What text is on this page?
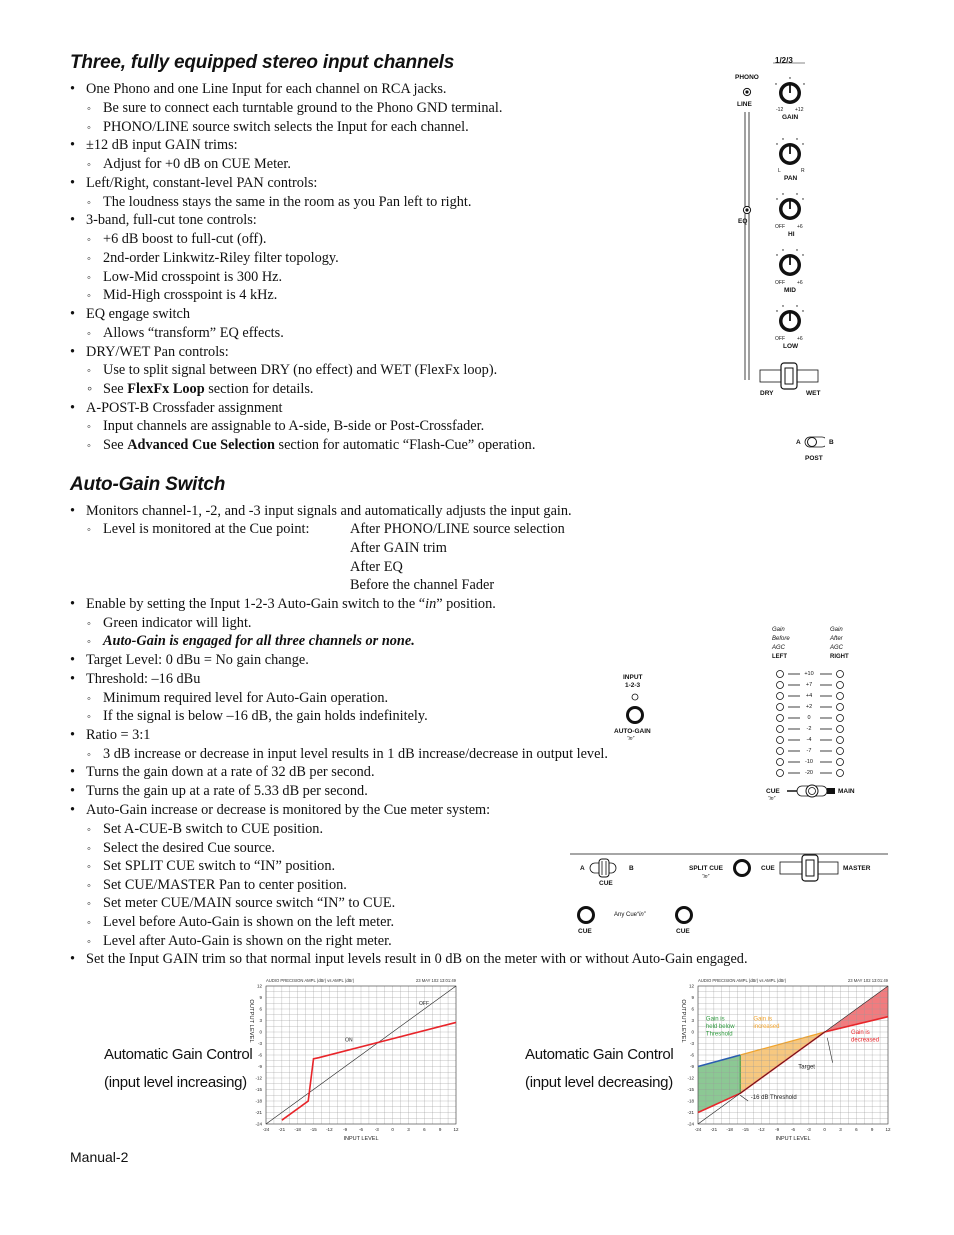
Three, fully equipped stereo input channels
• One Phono and one Line Input for each channel on RCA jacks.
◦ Be sure to connect each turntable ground to the Phono GND terminal.
◦ PHONO/LINE source switch selects the Input for each channel.
• ±12 dB input GAIN trims:
◦ Adjust for +0 dB on CUE Meter.
• Left/Right, constant-level PAN controls:
◦ The loudness stays the same in the room as you Pan left to right.
• 3-band, full-cut tone controls:
◦ +6 dB boost to full-cut (off).
◦ 2nd-order Linkwitz-Riley filter topology.
◦ Low-Mid crosspoint is 300 Hz.
◦ Mid-High crosspoint is 4 kHz.
• EQ engage switch
◦ Allows “transform” EQ effects.
• DRY/WET Pan controls:
◦ Use to split signal between DRY (no effect) and WET (FlexFx loop).
◦ See FlexFx Loop section for details.
• A-POST-B Crossfader assignment
◦ Input channels are assignable to A-side, B-side or Post-Crossfader.
◦ See Advanced Cue Selection section for automatic “Flash-Cue” operation.
Auto-Gain Switch
• Monitors channel-1, -2, and -3 input signals and automatically adjusts the input gain.
◦ Level is monitored at the Cue point:	After PHONO/LINE source selection
After GAIN trim
After EQ
Before the channel Fader
• Enable by setting the Input 1-2-3 Auto-Gain switch to the “in” position.
◦ Green indicator will light.
◦ Auto-Gain is engaged for all three channels or none.
• Target Level: 0 dBu = No gain change.
• Threshold: –16 dBu
◦ Minimum required level for Auto-Gain operation.
◦ If the signal is below –16 dB, the gain holds indefinitely.
• Ratio = 3:1
◦ 3 dB increase or decrease in input level results in 1 dB increase/decrease in output level.
• Turns the gain down at a rate of 32 dB per second.
• Turns the gain up at a rate of 5.33 dB per second.
• Auto-Gain increase or decrease is monitored by the Cue meter system:
◦ Set A-CUE-B switch to CUE position.
◦ Select the desired Cue source.
◦ Set SPLIT CUE switch to “IN” position.
◦ Set CUE/MASTER Pan to center position.
◦ Set meter CUE/MAIN source switch “IN” to CUE.
◦ Level before Auto-Gain is shown on the left meter.
◦ Level after Auto-Gain is shown on the right meter.
• Set the Input GAIN trim so that normal input levels result in 0 dB on the meter with or without Auto-Gain engaged.
1/2/3
PHONO
LINE
-12 +12
GAIN
L	R
PAN
EQ
OFF +6
HI
OFF +6
MID
OFF +6
LOW
DRY	WET
A	B
POST
INPUT
1-2-3
AUTO-GAIN
“in”
Gain
Before
AGC
LEFT
Gain
After
AGC
RIGHT
+10
+7
+4
+2
0
-2
-4
-7
-10
-20
CUE
“in”
MAIN
A	B
CUE
SPLIT CUE
“in”
CUE	MASTER
Any Cue“in”
CUE	CUE
Automatic Gain Control
(input level increasing)
AUDIO PRECISION AMPL (dBr) vs AMPL (dBr)	23 MAY 102 13:01:49
-24 -21 -18 -15 -12 -9	-6	-3	0	3	6	9	12
12
9
6
3
0
-3
-6
-9
-12
-15
-18
-21
-24
INPUT LEVEL
OUTPUT LEVEL	OFF
ON
Automatic Gain Control
(input level decreasing)
AUDIO PRECISION AMPL (dBr) vs AMPL (dBr)	23 MAY 102 13:01:49
-24 -21 -18 -15 -12 -9	-6	-3	0	3	6	9	12
12
9
6
3
0
-3
-6
-9
-12
-15
-18
-21
-24
INPUT LEVEL
OUTPUT LEVEL	Gain is
held below
Threshold
Gain is
increased
Gain is
decreased
Target
-16 dB Threshold
Manual-2
